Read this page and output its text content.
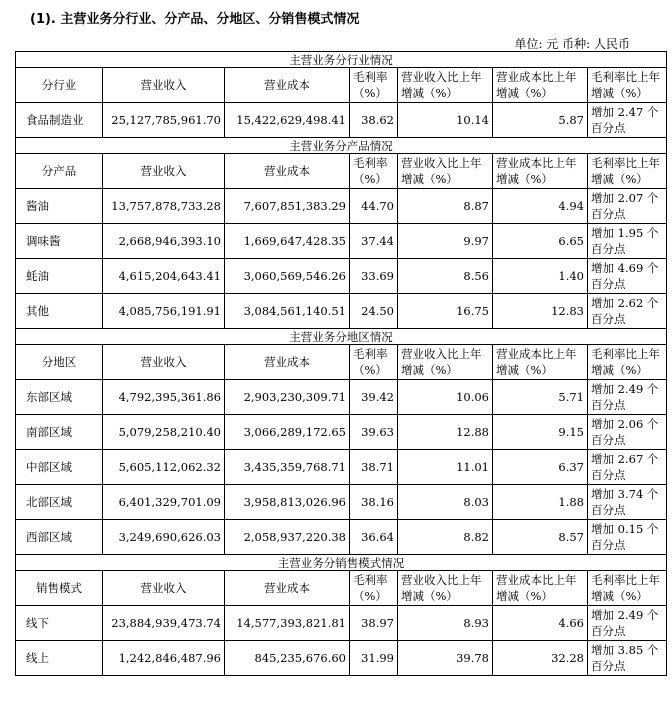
(1). 主营业务分行业、分产品、分地区、分销售模式情况
单位: 元 币种: 人民币
主营业务分行业情况						
分行业	营业收入	营业成本	毛利率（%）	营业收入比上年增减（%）	营业成本比上年增减（%）	毛利率比上年增减（%）
食品制造业	25,127,785,961.70	15,422,629,498.41	38.62	10.14	5.87	增加 2.47 个百分点
主营业务分产品情况						
分产品	营业收入	营业成本	毛利率（%）	营业收入比上年增减（%）	营业成本比上年增减（%）	毛利率比上年增减（%）
酱油	13,757,878,733.28	7,607,851,383.29	44.70	8.87	4.94	增加 2.07 个百分点
调味酱	2,668,946,393.10	1,669,647,428.35	37.44	9.97	6.65	增加 1.95 个百分点
蚝油	4,615,204,643.41	3,060,569,546.26	33.69	8.56	1.40	增加 4.69 个百分点
其他	4,085,756,191.91	3,084,561,140.51	24.50	16.75	12.83	增加 2.62 个百分点
主营业务分地区情况						
分地区	营业收入	营业成本	毛利率（%）	营业收入比上年增减（%）	营业成本比上年增减（%）	毛利率比上年增减（%）
东部区域	4,792,395,361.86	2,903,230,309.71	39.42	10.06	5.71	增加 2.49 个百分点
南部区域	5,079,258,210.40	3,066,289,172.65	39.63	12.88	9.15	增加 2.06 个百分点
中部区域	5,605,112,062.32	3,435,359,768.71	38.71	11.01	6.37	增加 2.67 个百分点
北部区域	6,401,329,701.09	3,958,813,026.96	38.16	8.03	1.88	增加 3.74 个百分点
西部区域	3,249,690,626.03	2,058,937,220.38	36.64	8.82	8.57	增加 0.15 个百分点
主营业务分销售模式情况						
销售模式	营业收入	营业成本	毛利率（%）	营业收入比上年增减（%）	营业成本比上年增减（%）	毛利率比上年增减（%）
线下	23,884,939,473.74	14,577,393,821.81	38.97	8.93	4.66	增加 2.49 个百分点
线上	1,242,846,487.96	845,235,676.60	31.99	39.78	32.28	增加 3.85 个百分点
